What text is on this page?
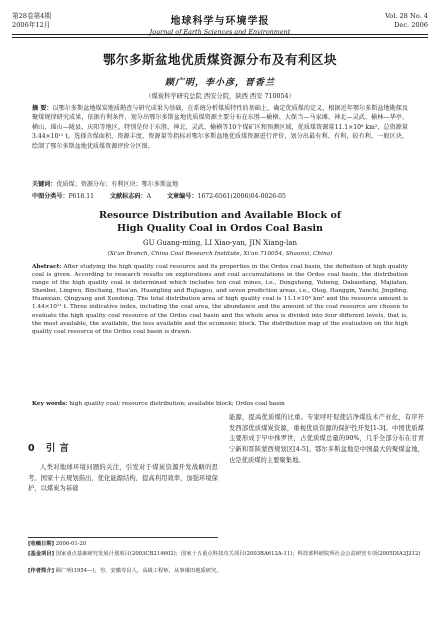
第28卷第4期
2006年12月	地球科学与环境学报
Journal of Earth Sciences and Environment
Vol. 28 No. 4
Dec. 2006
鄂尔多斯盆地优质煤资源分布及有利区块
顾广明，李小彦，晋香兰
（煤炭科学研究总院 西安分院，陕西 西安 710054）
摘 要：以鄂尔多斯盆地煤炭地质勘查与研究成果为基础，在系统分析煤质特性的基础上，确定优质煤的定义，根据近年鄂尔多斯盆地勘探及聚煤规律研究成果，依据有利条件，划分出鄂尔多斯盆地优质煤资源主要分布在东胜—榆横、大保当—马家滩、神北—灵武、榆林—华亭、横山、瑶山—陇县、庆阳等地区，特别是位于东胜、神北、灵武、榆横等10个煤矿区和预测区域，优质煤资源量11.1×10⁸ km²，总资源量3.44×10¹¹ t。选择含煤面积、资源丰度、资源量等指标对鄂尔多斯盆地优质煤资源进行评价，划分出最有利、有利、较有利、一般区块，绘制了鄂尔多斯盆地优质煤资源评价分区图。
关键词：优质煤；资源分布；有利区块；鄂尔多斯盆地
中图分类号：P618.11	文献标志码：A	文章编号：1672-6561(2006)04-0026-05
Resource Distribution and Available Block of
High Quality Coal in Ordos Coal Basin
GU Guang-ming, LI Xiao-yan, JIN Xiang-lan
(Xi'an Branch, China Coal Research Institute, Xi'an 710054, Shaanxi, China)
Abstract: After studying the high quality coal resource and its properties in the Ordos coal basin, the definition of high quality coal is given. According to research results on explorations and coal accumulations in the Ordos coal basin, the distribution range of the high quality coal is determined which includes ten coal mines, i.e., Dongsheng, Yuheng, Dabaodang, Majiatan, Shenbei, Lingwu, Binchang, Hua'an, Huangling and Rujiagou, and seven prediction areas, i.e., Otog, Hanggin, Yanchi, Jingding, Huanxian, Qingyang and Xundong. The total distribution area of high quality coal is 11.1×10⁴ km² and the resource amount is 1.44×10¹¹ t. Three indicative index, including the coal area, the abundance and the amount of the coal resource are chosen to evaluate the high quality coal resource of the Ordos coal basin and the whole area is divided into four different levels, that is, the most available, the available, the less available and the ecumenic block. The distribution map of the evaluation on the high quality coal resource of the Ordos coal basin is drawn.
Key words: high quality coal; resource distribution; available block; Ordos coal basin
0 引言
人类对地球环境问题的关注，引发对于煤炭资源开发战略的思考。国家十五规划指出，优化能源结构，提高利用效率，加强环境保护，以煤炭为基础
能源，提高优质煤的比重。专家呼吁促使洁净煤技术产业化，有序开发西部优质煤炭资源，重视优质资源的保护性开发[1-3]。中国优质煤主要形成于早中侏罗世，占优质煤总量的90%，几乎全部分布在甘青宁新和晋陕蒙西规划区[4-5]。鄂尔多斯盆地是中国最大的聚煤盆地，也是优质煤的主要聚集地。
[收稿日期] 2006-01-20
[基金项目] 国家重点基础研究发展计划项目(2003CB214602)；国家十五重点科技攻关项目(2003BA612A-11)；科技部科研院所社会公益研究专项(2005DIA3J212)
[作者简介] 顾广明(1954—)，男，安徽寿县人，高级工程师，从事煤田地质研究。
